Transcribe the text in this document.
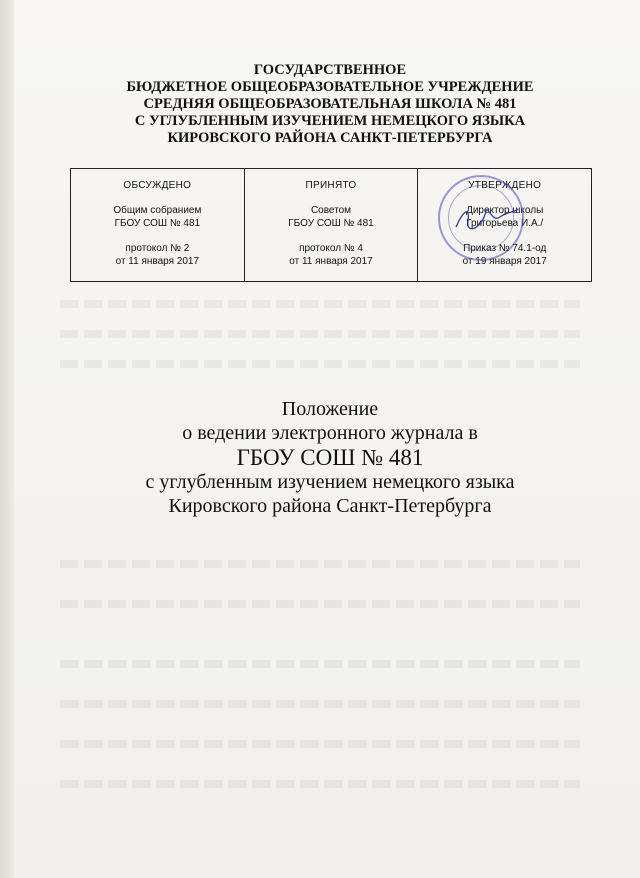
ГОСУДАРСТВЕННОЕ
БЮДЖЕТНОЕ ОБЩЕОБРАЗОВАТЕЛЬНОЕ УЧРЕЖДЕНИЕ
СРЕДНЯЯ ОБЩЕОБРАЗОВАТЕЛЬНАЯ ШКОЛА № 481
С УГЛУБЛЕННЫМ ИЗУЧЕНИЕМ НЕМЕЦКОГО ЯЗЫКА
КИРОВСКОГО РАЙОНА САНКТ-ПЕТЕРБУРГА
ОБСУЖДЕНО
Общим собранием
ГБОУ СОШ № 481
протокол № 2
от 11 января 2017
ПРИНЯТО
Советом
ГБОУ СОШ № 481
протокол № 4
от 11 января 2017
УТВЕРЖДЕНО
Директор школы
Григорьева И.А./
Приказ № 74.1-од
от 19 января 2017
Положение
о ведении электронного журнала в
ГБОУ СОШ № 481
с углубленным изучением немецкого языка
Кировского района Санкт-Петербурга
